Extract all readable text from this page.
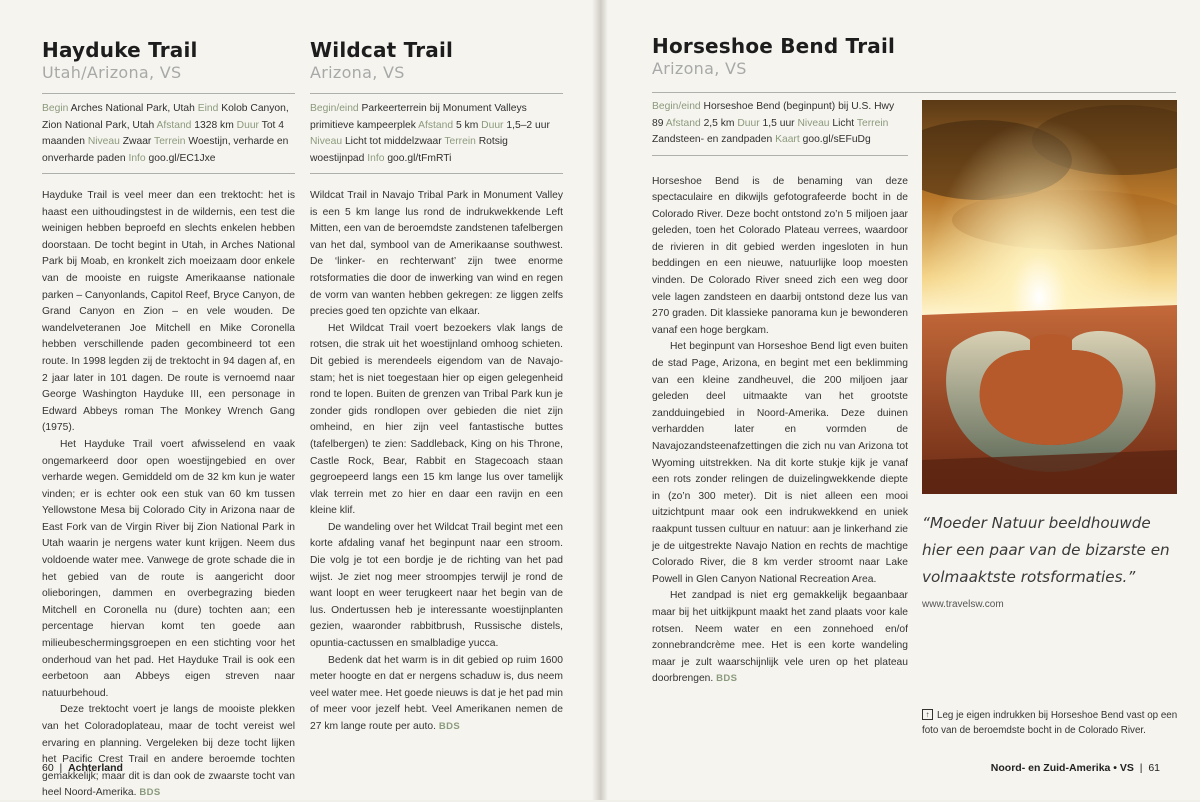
Hayduke Trail
Utah/Arizona, VS
Begin Arches National Park, Utah Eind Kolob Canyon, Zion National Park, Utah Afstand 1328 km Duur Tot 4 maanden Niveau Zwaar Terrein Woestijn, verharde en onverharde paden Info goo.gl/EC1Jxe

Hayduke Trail is veel meer dan een trektocht: het is haast een uithoudingstest in de wildernis, een test die weinigen hebben beproefd en slechts enkelen hebben doorstaan. De tocht begint in Utah, in Arches National Park bij Moab, en kronkelt zich moeizaam door enkele van de mooiste en ruigste Amerikaanse nationale parken – Canyonlands, Capitol Reef, Bryce Canyon, de Grand Canyon en Zion – en vele wouden. De wandelveteranen Joe Mitchell en Mike Coronella hebben verschillende paden gecombineerd tot een route. In 1998 legden zij de trektocht in 94 dagen af, en 2 jaar later in 101 dagen. De route is vernoemd naar George Washington Hayduke III, een personage in Edward Abbeys roman The Monkey Wrench Gang (1975).

Het Hayduke Trail voert afwisselend en vaak ongemarkeerd door open woestijngebied en over verharde wegen. Gemiddeld om de 32 km kun je water vinden; er is echter ook een stuk van 60 km tussen Yellowstone Mesa bij Colorado City in Arizona naar de East Fork van de Virgin River bij Zion National Park in Utah waarin je nergens water kunt krijgen. Neem dus voldoende water mee. Vanwege de grote schade die in het gebied van de route is aangericht door olieboringen, dammen en overbegrazing bieden Mitchell en Coronella nu (dure) tochten aan; een percentage hiervan komt ten goede aan milieubeschermingsgroepen en een stichting voor het onderhoud van het pad. Het Hayduke Trail is ook een eerbetoon aan Abbeys eigen streven naar natuurbehoud.

Deze trektocht voert je langs de mooiste plekken van het Coloradoplateau, maar de tocht vereist wel ervaring en planning. Vergeleken bij deze tocht lijken het Pacific Crest Trail en andere beroemde tochten gemakkelijk; maar dit is dan ook de zwaarste tocht van heel Noord-Amerika. BDS

Wildcat Trail
Arizona, VS
Begin/eind Parkeerterrein bij Monument Valleys primitieve kampeerplek Afstand 5 km Duur 1,5–2 uur Niveau Licht tot middelzwaar Terrein Rotsig woestijnpad Info goo.gl/tFmRTi

Wildcat Trail in Navajo Tribal Park in Monument Valley is een 5 km lange lus rond de indrukwekkende Left Mitten, een van de beroemdste zandstenen tafelbergen van het dal, symbool van de Amerikaanse southwest. De ‘linker- en rechterwant’ zijn twee enorme rotsformaties die door de inwerking van wind en regen de vorm van wanten hebben gekregen: ze liggen zelfs precies goed ten opzichte van elkaar.

Het Wildcat Trail voert bezoekers vlak langs de rotsen, die strak uit het woestijnland omhoog schieten. Dit gebied is merendeels eigendom van de Navajo-stam; het is niet toegestaan hier op eigen gelegenheid rond te lopen. Buiten de grenzen van Tribal Park kun je zonder gids rondlopen over gebieden die niet zijn omheind, en hier zijn veel fantastische buttes (tafelbergen) te zien: Saddleback, King on his Throne, Castle Rock, Bear, Rabbit en Stagecoach staan gegroepeerd langs een 15 km lange lus over tamelijk vlak terrein met zo hier en daar een ravijn en een kleine klif.

De wandeling over het Wildcat Trail begint met een korte afdaling vanaf het beginpunt naar een stroom. Die volg je tot een bordje je de richting van het pad wijst. Je ziet nog meer stroompjes terwijl je rond de want loopt en weer terugkeert naar het begin van de lus. Ondertussen heb je interessante woestijnplanten gezien, waaronder rabbitbrush, Russische distels, opuntia-cactussen en smalbladige yucca.

Bedenk dat het warm is in dit gebied op ruim 1600 meter hoogte en dat er nergens schaduw is, dus neem veel water mee. Het goede nieuws is dat je het pad min of meer voor jezelf hebt. Veel Amerikanen nemen de 27 km lange route per auto. BDS

Horseshoe Bend Trail
Arizona, VS
Begin/eind Horseshoe Bend (beginpunt) bij U.S. Hwy 89 Afstand 2,5 km Duur 1,5 uur Niveau Licht Terrein Zandsteen- en zandpaden Kaart goo.gl/sEFuDg

Horseshoe Bend is de benaming van deze spectaculaire en dikwijls gefotografeerde bocht in de Colorado River. Deze bocht ontstond zo’n 5 miljoen jaar geleden, toen het Colorado Plateau verrees, waardoor de rivieren in dit gebied werden ingesloten in hun beddingen en een nieuwe, natuurlijke loop moesten vinden. De Colorado River sneed zich een weg door vele lagen zandsteen en daarbij ontstond deze lus van 270 graden. Dit klassieke panorama kun je bewonderen vanaf een hoge bergkam.

Het beginpunt van Horseshoe Bend ligt even buiten de stad Page, Arizona, en begint met een beklimming van een kleine zandheuvel, die 200 miljoen jaar geleden deel uitmaakte van het grootste zandduingebied in Noord-Amerika. Deze duinen verhardden later en vormden de Navajozandsteenafzettingen die zich nu van Arizona tot Wyoming uitstrekken. Na dit korte stukje kijk je vanaf een rots zonder relingen de duizelingwekkende diepte in (zo’n 300 meter). Dit is niet alleen een mooi uitzichtpunt maar ook een indrukwekkend en uniek raakpunt tussen cultuur en natuur: aan je linkerhand zie je de uitgestrekte Navajo Nation en rechts de machtige Colorado River, die 8 km verder stroomt naar Lake Powell in Glen Canyon National Recreation Area.

Het zandpad is niet erg gemakkelijk begaanbaar maar bij het uitkijkpunt maakt het zand plaats voor kale rotsen. Neem water en een zonnehoed en/of zonnebrandcrème mee. Het is een korte wandeling maar je zult waarschijnlijk vele uren op het plateau doorbrengen. BDS

“Moeder Natuur beeldhouwde hier een paar van de bizarste en volmaaktste rotsformaties.”
www.travelsw.com
↑ Leg je eigen indrukken bij Horseshoe Bend vast op een foto van de beroemdste bocht in de Colorado River.
60  |  Achterland	Noord- en Zuid-Amerika • VS  |  61
